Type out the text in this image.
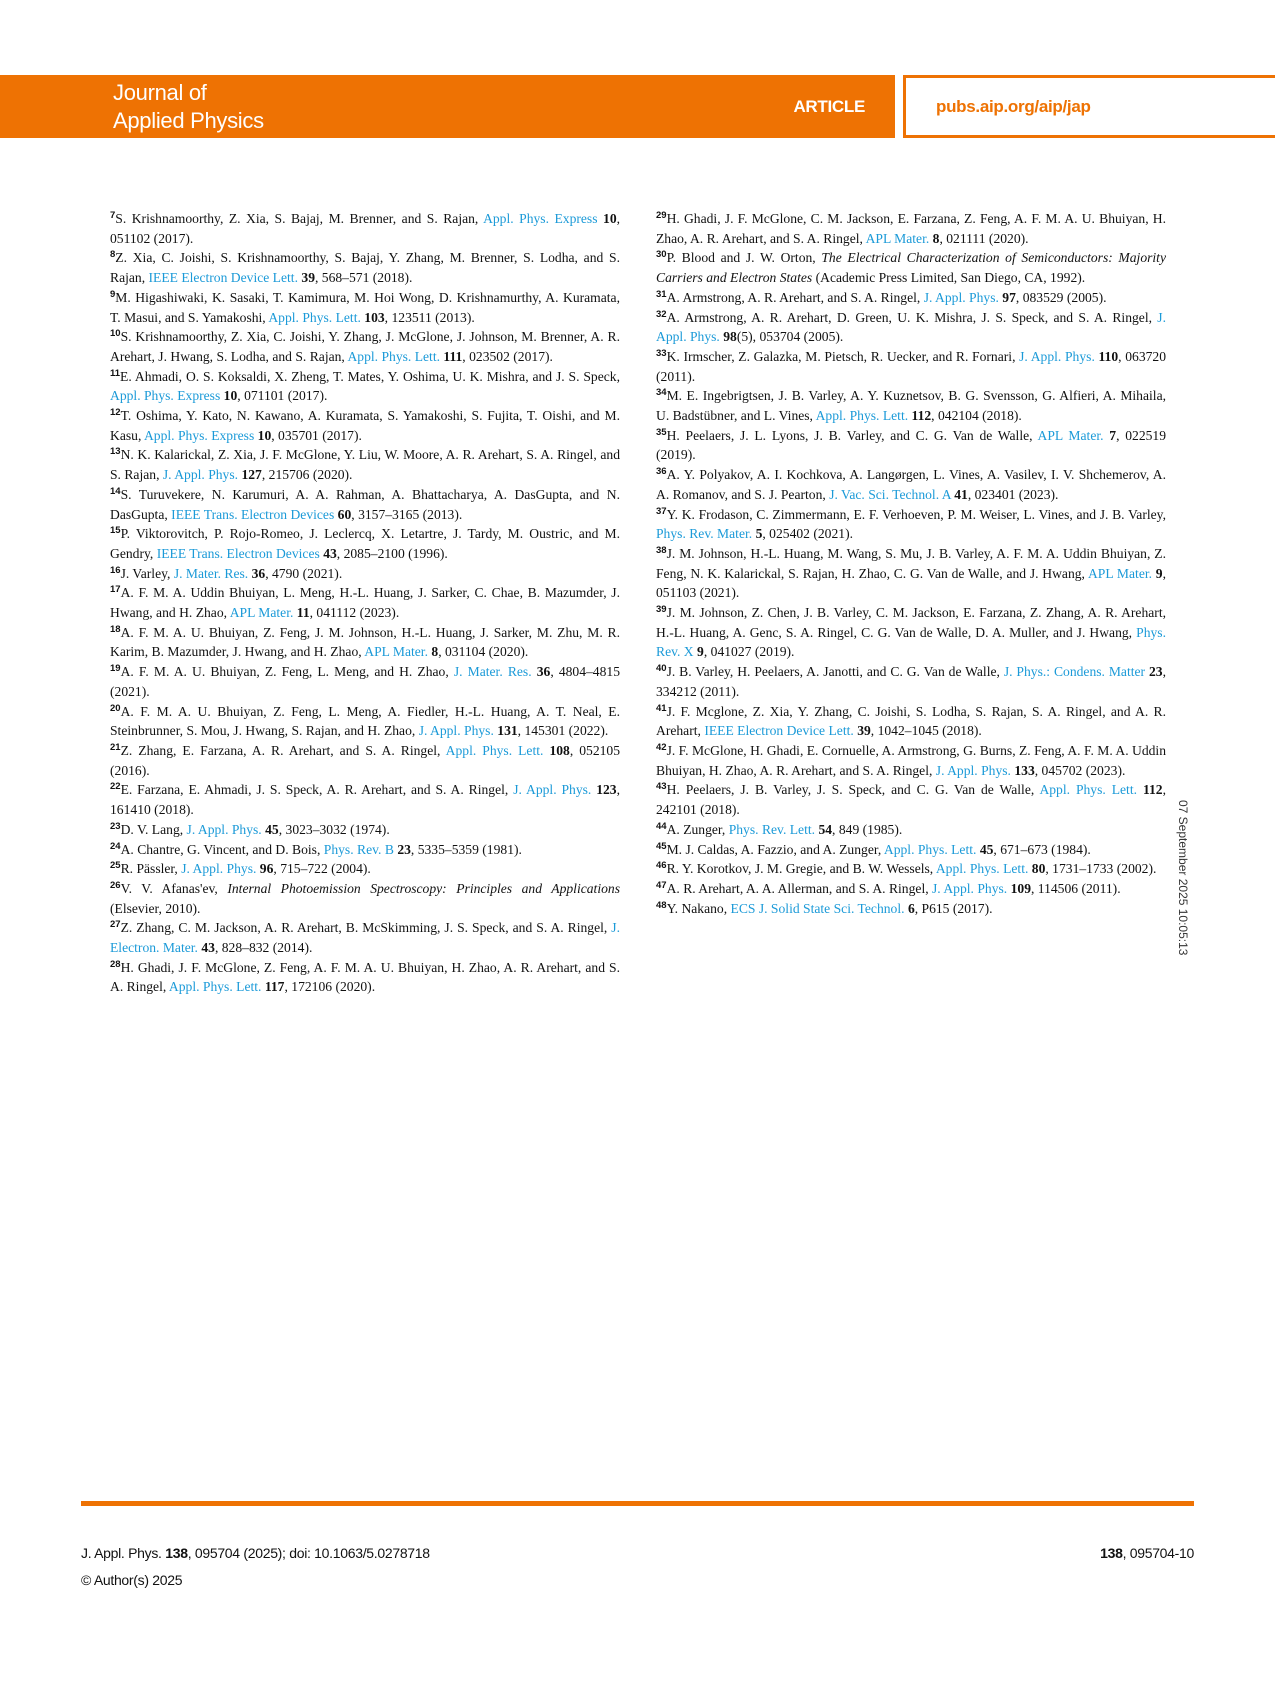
Journal of
Applied Physics
ARTICLE	pubs.aip.org/aip/jap

$^7$S. Krishnamoorthy, Z. Xia, S. Bajaj, M. Brenner, and S. Rajan, Appl. Phys. Express 10, 051102 (2017).

$^8$Z. Xia, C. Joishi, S. Krishnamoorthy, S. Bajaj, Y. Zhang, M. Brenner, S. Lodha, and S. Rajan, IEEE Electron Device Lett. 39, 568–571 (2018).

$^9$M. Higashiwaki, K. Sasaki, T. Kamimura, M. Hoi Wong, D. Krishnamurthy, A. Kuramata, T. Masui, and S. Yamakoshi, Appl. Phys. Lett. 103, 123511 (2013).

$^{10}$S. Krishnamoorthy, Z. Xia, C. Joishi, Y. Zhang, J. McGlone, J. Johnson, M. Brenner, A. R. Arehart, J. Hwang, S. Lodha, and S. Rajan, Appl. Phys. Lett. 111, 023502 (2017).

$^{11}$E. Ahmadi, O. S. Koksaldi, X. Zheng, T. Mates, Y. Oshima, U. K. Mishra, and J. S. Speck, Appl. Phys. Express 10, 071101 (2017).

$^{12}$T. Oshima, Y. Kato, N. Kawano, A. Kuramata, S. Yamakoshi, S. Fujita, T. Oishi, and M. Kasu, Appl. Phys. Express 10, 035701 (2017).

$^{13}$N. K. Kalarickal, Z. Xia, J. F. McGlone, Y. Liu, W. Moore, A. R. Arehart, S. A. Ringel, and S. Rajan, J. Appl. Phys. 127, 215706 (2020).

$^{14}$S. Turuvekere, N. Karumuri, A. A. Rahman, A. Bhattacharya, A. DasGupta, and N. DasGupta, IEEE Trans. Electron Devices 60, 3157–3165 (2013).

$^{15}$P. Viktorovitch, P. Rojo-Romeo, J. Leclercq, X. Letartre, J. Tardy, M. Oustric, and M. Gendry, IEEE Trans. Electron Devices 43, 2085–2100 (1996).

$^{16}$J. Varley, J. Mater. Res. 36, 4790 (2021).

$^{17}$A. F. M. A. Uddin Bhuiyan, L. Meng, H.-L. Huang, J. Sarker, C. Chae, B. Mazumder, J. Hwang, and H. Zhao, APL Mater. 11, 041112 (2023).

$^{18}$A. F. M. A. U. Bhuiyan, Z. Feng, J. M. Johnson, H.-L. Huang, J. Sarker, M. Zhu, M. R. Karim, B. Mazumder, J. Hwang, and H. Zhao, APL Mater. 8, 031104 (2020).

$^{19}$A. F. M. A. U. Bhuiyan, Z. Feng, L. Meng, and H. Zhao, J. Mater. Res. 36, 4804–4815 (2021).

$^{20}$A. F. M. A. U. Bhuiyan, Z. Feng, L. Meng, A. Fiedler, H.-L. Huang, A. T. Neal, E. Steinbrunner, S. Mou, J. Hwang, S. Rajan, and H. Zhao, J. Appl. Phys. 131, 145301 (2022).

$^{21}$Z. Zhang, E. Farzana, A. R. Arehart, and S. A. Ringel, Appl. Phys. Lett. 108, 052105 (2016).

$^{22}$E. Farzana, E. Ahmadi, J. S. Speck, A. R. Arehart, and S. A. Ringel, J. Appl. Phys. 123, 161410 (2018).

$^{23}$D. V. Lang, J. Appl. Phys. 45, 3023–3032 (1974).

$^{24}$A. Chantre, G. Vincent, and D. Bois, Phys. Rev. B 23, 5335–5359 (1981).

$^{25}$R. Pässler, J. Appl. Phys. 96, 715–722 (2004).

$^{26}$V. V. Afanas'ev, Internal Photoemission Spectroscopy: Principles and Applications (Elsevier, 2010).

$^{27}$Z. Zhang, C. M. Jackson, A. R. Arehart, B. McSkimming, J. S. Speck, and S. A. Ringel, J. Electron. Mater. 43, 828–832 (2014).

$^{28}$H. Ghadi, J. F. McGlone, Z. Feng, A. F. M. A. U. Bhuiyan, H. Zhao, A. R. Arehart, and S. A. Ringel, Appl. Phys. Lett. 117, 172106 (2020).

$^{29}$H. Ghadi, J. F. McGlone, C. M. Jackson, E. Farzana, Z. Feng, A. F. M. A. U. Bhuiyan, H. Zhao, A. R. Arehart, and S. A. Ringel, APL Mater. 8, 021111 (2020).

$^{30}$P. Blood and J. W. Orton, The Electrical Characterization of Semiconductors: Majority Carriers and Electron States (Academic Press Limited, San Diego, CA, 1992).

$^{31}$A. Armstrong, A. R. Arehart, and S. A. Ringel, J. Appl. Phys. 97, 083529 (2005).

$^{32}$A. Armstrong, A. R. Arehart, D. Green, U. K. Mishra, J. S. Speck, and S. A. Ringel, J. Appl. Phys. 98(5), 053704 (2005).

$^{33}$K. Irmscher, Z. Galazka, M. Pietsch, R. Uecker, and R. Fornari, J. Appl. Phys. 110, 063720 (2011).

$^{34}$M. E. Ingebrigtsen, J. B. Varley, A. Y. Kuznetsov, B. G. Svensson, G. Alfieri, A. Mihaila, U. Badstübner, and L. Vines, Appl. Phys. Lett. 112, 042104 (2018).

$^{35}$H. Peelaers, J. L. Lyons, J. B. Varley, and C. G. Van de Walle, APL Mater. 7, 022519 (2019).

$^{36}$A. Y. Polyakov, A. I. Kochkova, A. Langørgen, L. Vines, A. Vasilev, I. V. Shchemerov, A. A. Romanov, and S. J. Pearton, J. Vac. Sci. Technol. A 41, 023401 (2023).

$^{37}$Y. K. Frodason, C. Zimmermann, E. F. Verhoeven, P. M. Weiser, L. Vines, and J. B. Varley, Phys. Rev. Mater. 5, 025402 (2021).

$^{38}$J. M. Johnson, H.-L. Huang, M. Wang, S. Mu, J. B. Varley, A. F. M. A. Uddin Bhuiyan, Z. Feng, N. K. Kalarickal, S. Rajan, H. Zhao, C. G. Van de Walle, and J. Hwang, APL Mater. 9, 051103 (2021).

$^{39}$J. M. Johnson, Z. Chen, J. B. Varley, C. M. Jackson, E. Farzana, Z. Zhang, A. R. Arehart, H.-L. Huang, A. Genc, S. A. Ringel, C. G. Van de Walle, D. A. Muller, and J. Hwang, Phys. Rev. X 9, 041027 (2019).

$^{40}$J. B. Varley, H. Peelaers, A. Janotti, and C. G. Van de Walle, J. Phys.: Condens. Matter 23, 334212 (2011).

$^{41}$J. F. Mcglone, Z. Xia, Y. Zhang, C. Joishi, S. Lodha, S. Rajan, S. A. Ringel, and A. R. Arehart, IEEE Electron Device Lett. 39, 1042–1045 (2018).

$^{42}$J. F. McGlone, H. Ghadi, E. Cornuelle, A. Armstrong, G. Burns, Z. Feng, A. F. M. A. Uddin Bhuiyan, H. Zhao, A. R. Arehart, and S. A. Ringel, J. Appl. Phys. 133, 045702 (2023).

$^{43}$H. Peelaers, J. B. Varley, J. S. Speck, and C. G. Van de Walle, Appl. Phys. Lett. 112, 242101 (2018).

$^{44}$A. Zunger, Phys. Rev. Lett. 54, 849 (1985).

$^{45}$M. J. Caldas, A. Fazzio, and A. Zunger, Appl. Phys. Lett. 45, 671–673 (1984).

$^{46}$R. Y. Korotkov, J. M. Gregie, and B. W. Wessels, Appl. Phys. Lett. 80, 1731–1733 (2002).

$^{47}$A. R. Arehart, A. A. Allerman, and S. A. Ringel, J. Appl. Phys. 109, 114506 (2011).

$^{48}$Y. Nakano, ECS J. Solid State Sci. Technol. 6, P615 (2017).	07 September 2025 10:05:13
J. Appl. Phys. 138, 095704 (2025); doi: 10.1063/5.0278718
© Author(s) 2025
138, 095704-10
